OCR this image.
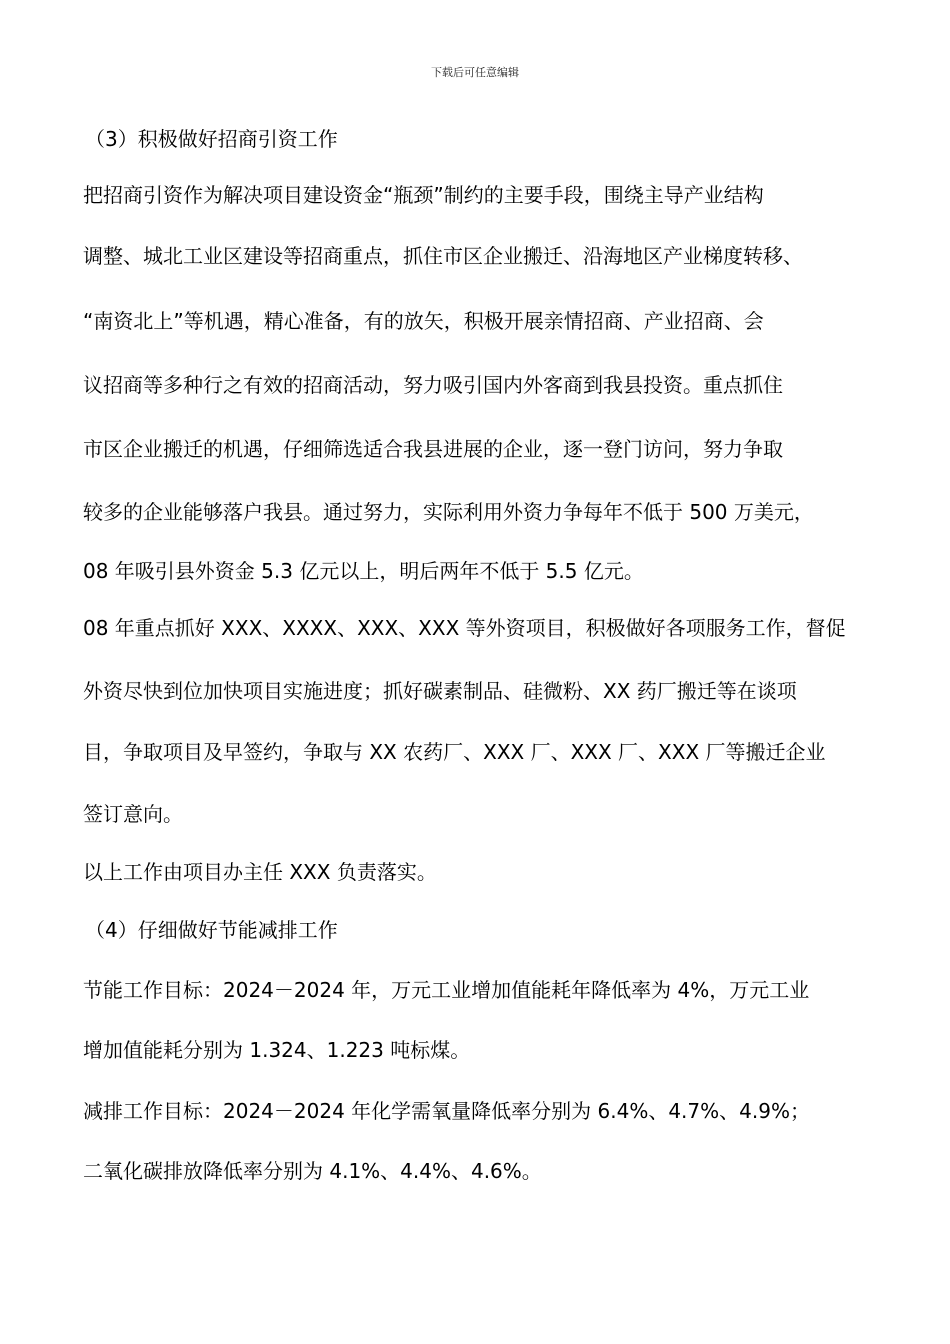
下载后可任意编辑

（3）积极做好招商引资工作

把招商引资作为解决项目建设资金“瓶颈”制约的主要手段，围绕主导产业结构

调整、城北工业区建设等招商重点，抓住市区企业搬迁、沿海地区产业梯度转移、

“南资北上”等机遇，精心准备，有的放矢，积极开展亲情招商、产业招商、会

议招商等多种行之有效的招商活动，努力吸引国内外客商到我县投资。重点抓住

市区企业搬迁的机遇，仔细筛选适合我县进展的企业，逐一登门访问，努力争取

较多的企业能够落户我县。通过努力，实际利用外资力争每年不低于 500 万美元，

08 年吸引县外资金 5.3 亿元以上，明后两年不低于 5.5 亿元。

08 年重点抓好 XXX、XXXX、XXX、XXX 等外资项目，积极做好各项服务工作，督促

外资尽快到位加快项目实施进度；抓好碳素制品、硅微粉、XX 药厂搬迁等在谈项

目，争取项目及早签约，争取与 XX 农药厂、XXX 厂、XXX 厂、XXX 厂等搬迁企业

签订意向。

以上工作由项目办主任 XXX 负责落实。

（4）仔细做好节能减排工作

节能工作目标：2024－2024 年，万元工业增加值能耗年降低率为 4%，万元工业

增加值能耗分别为 1.324、1.223 吨标煤。

减排工作目标：2024－2024 年化学需氧量降低率分别为 6.4%、4.7%、4.9%；

二氧化碳排放降低率分别为 4.1%、4.4%、4.6%。
